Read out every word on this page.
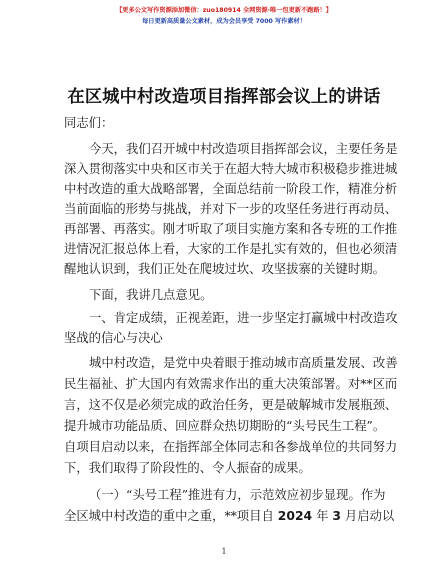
【更多公文写作资源添加微信：zuo180914 全网资源·唯一包更新不跑路！】
每日更新高质量公文素材，成为会员享受 7000 写作素材！
在区城中村改造项目指挥部会议上的讲话
同志们：
今天，我们召开城中村改造项目指挥部会议，主要任务是
深入贯彻落实中央和区市关于在超大特大城市积极稳步推进城
中村改造的重大战略部署，全面总结前一阶段工作，精准分析
当前面临的形势与挑战，并对下一步的攻坚任务进行再动员、
再部署、再落实。刚才听取了项目实施方案和各专班的工作推
进情况汇报总体上看，大家的工作是扎实有效的，但也必须清
醒地认识到，我们正处在爬坡过坎、攻坚拔寨的关键时期。
下面，我讲几点意见。
一、肯定成绩，正视差距，进一步坚定打赢城中村改造攻
坚战的信心与决心
城中村改造，是党中央着眼于推动城市高质量发展、改善
民生福祉、扩大国内有效需求作出的重大决策部署。对**区而
言，这不仅是必须完成的政治任务，更是破解城市发展瓶颈、
提升城市功能品质、回应群众热切期盼的“头号民生工程”。
自项目启动以来，在指挥部全体同志和各参战单位的共同努力
下，我们取得了阶段性的、令人振奋的成果。
（一）“头号工程”推进有力，示范效应初步显现。作为
全区城中村改造的重中之重，**项目自 2024 年 3 月启动以
1
